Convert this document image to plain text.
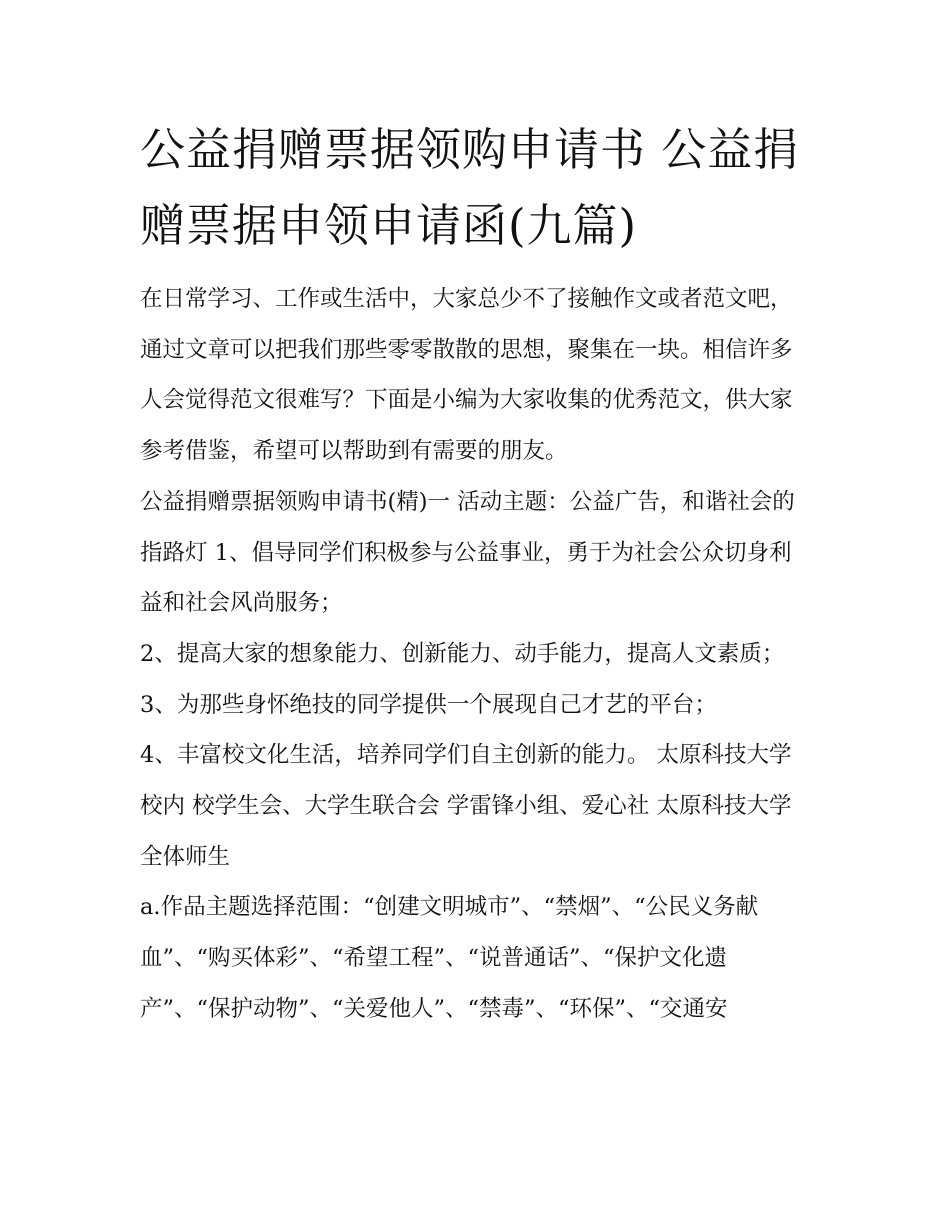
公益捐赠票据领购申请书 公益捐赠票据申领申请函(九篇)

在日常学习、工作或生活中，大家总少不了接触作文或者范文吧，通过文章可以把我们那些零零散散的思想，聚集在一块。相信许多人会觉得范文很难写？下面是小编为大家收集的优秀范文，供大家参考借鉴，希望可以帮助到有需要的朋友。

公益捐赠票据领购申请书(精)一 活动主题：公益广告，和谐社会的指路灯 1、倡导同学们积极参与公益事业，勇于为社会公众切身利益和社会风尚服务；

2、提高大家的想象能力、创新能力、动手能力，提高人文素质； 3、为那些身怀绝技的同学提供一个展现自己才艺的平台；

4、丰富校文化生活，培养同学们自主创新的能力。 太原科技大学校内 校学生会、大学生联合会 学雷锋小组、爱心社 太原科技大学全体师生

a.作品主题选择范围：“创建文明城市”、“禁烟”、“公民义务献血”、“购买体彩”、“希望工程”、“说普通话”、“保护文化遗产”、“保护动物”、“关爱他人”、“禁毒”、“环保”、“交通安
